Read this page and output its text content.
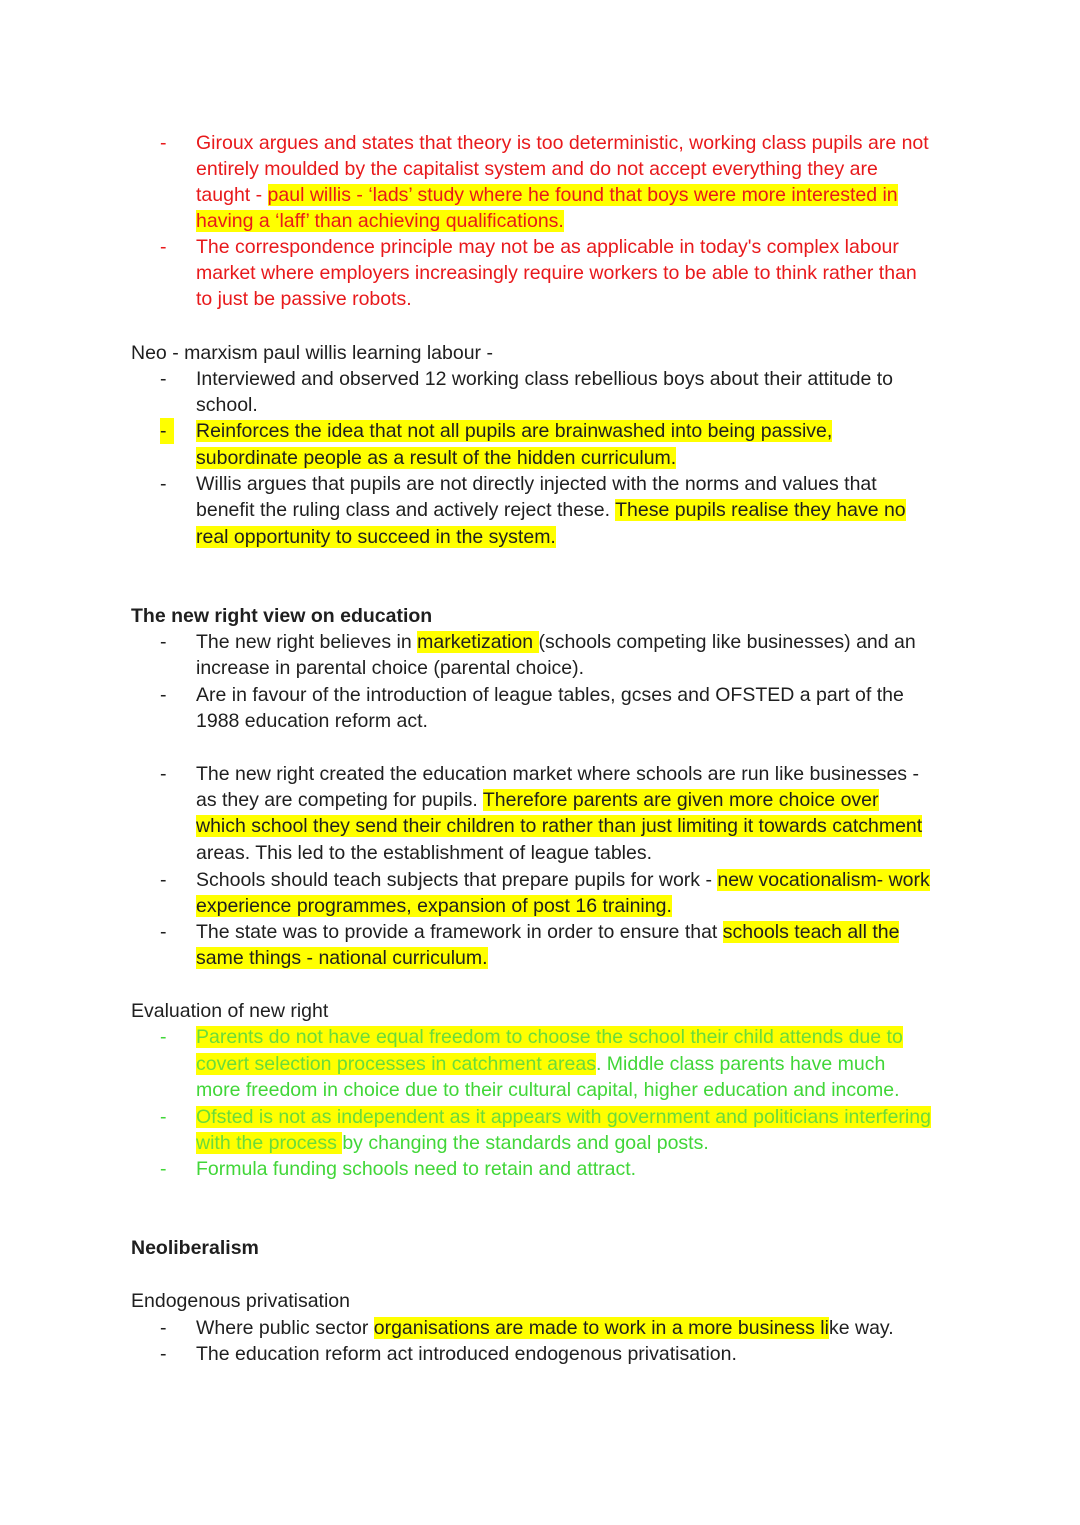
- Giroux argues and states that theory is too deterministic, working class pupils are not
entirely moulded by the capitalist system and do not accept everything they are
taught - paul willis - ‘lads’ study where he found that boys were more interested in
having a ‘laff’ than achieving qualifications.
- The correspondence principle may not be as applicable in today's complex labour
market where employers increasingly require workers to be able to think rather than
to just be passive robots.
Neo - marxism paul willis learning labour -
- Interviewed and observed 12 working class rebellious boys about their attitude to
school.
-	Reinforces the idea that not all pupils are brainwashed into being passive,
subordinate people as a result of the hidden curriculum.
- Willis argues that pupils are not directly injected with the norms and values that
benefit the ruling class and actively reject these. These pupils realise they have no
real opportunity to succeed in the system.
The new right view on education
- The new right believes in marketization (schools competing like businesses) and an
increase in parental choice (parental choice).
- Are in favour of the introduction of league tables, gcses and OFSTED a part of the
1988 education reform act.
- The new right created the education market where schools are run like businesses -
as they are competing for pupils. Therefore parents are given more choice over
which school they send their children to rather than just limiting it towards catchment
areas. This led to the establishment of league tables.
- Schools should teach subjects that prepare pupils for work - new vocationalism- work
experience programmes, expansion of post 16 training.
- The state was to provide a framework in order to ensure that schools teach all the
same things - national curriculum.
Evaluation of new right
- Parents do not have equal freedom to choose the school their child attends due to
covert selection processes in catchment areas. Middle class parents have much
more freedom in choice due to their cultural capital, higher education and income.
- Ofsted is not as independent as it appears with government and politicians interfering
with the process by changing the standards and goal posts.
- Formula funding schools need to retain and attract.
Neoliberalism
Endogenous privatisation
- Where public sector organisations are made to work in a more business like way.
- The education reform act introduced endogenous privatisation.
